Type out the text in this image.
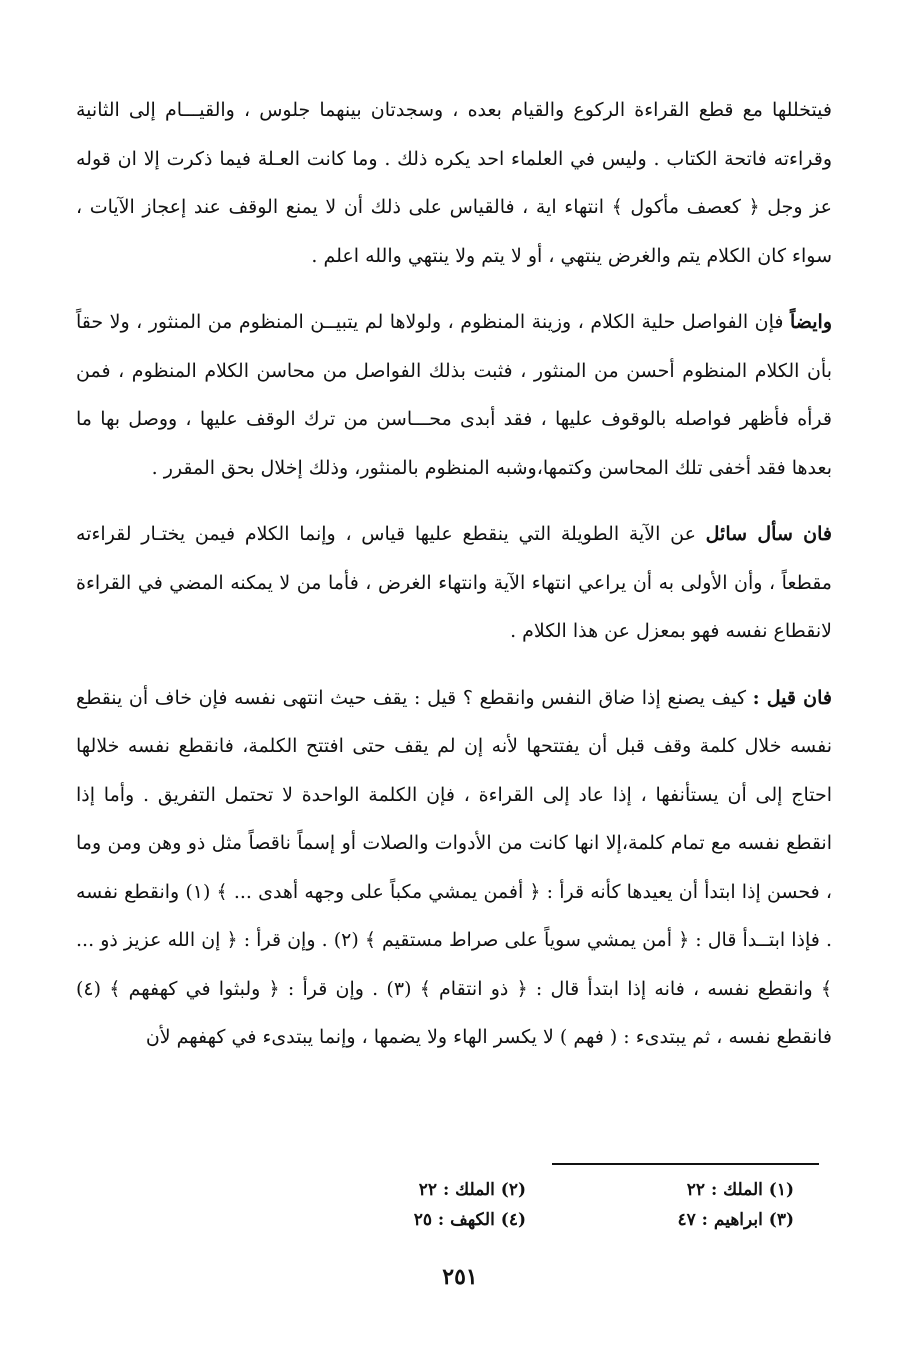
فيتخللها مع قطع القراءة الركوع والقيام بعده ، وسجدتان بينهما جلوس ، والقيـــام إلى الثانية وقراءته فاتحة الكتاب . وليس في العلماء احد يكره ذلك . وما كانت العـلة فيما ذكرت إلا ان قوله عز وجل ﴿ كعصف مأكول ﴾ انتهاء اية ، فالقياس على ذلك أن لا يمنع الوقف عند إعجاز الآيات ، سواء كان الكلام يتم والغرض ينتهي ، أو لا يتم ولا ينتهي والله اعلم .

وايضاً فإن الفواصل حلية الكلام ، وزينة المنظوم ، ولولاها لم يتبيــن المنظوم من المنثور ، ولا حقاً بأن الكلام المنظوم أحسن من المنثور ، فثبت بذلك الفواصل من محاسن الكلام المنظوم ، فمن قرأه فأظهر فواصله بالوقوف عليها ، فقد أبدى محـــاسن من ترك الوقف عليها ، ووصل بها ما بعدها فقد أخفى تلك المحاسن وكتمها،وشبه المنظوم بالمنثور، وذلك إخلال بحق المقرر .

فان سأل سائل عن الآية الطويلة التي ينقطع عليها قياس ، وإنما الكلام فيمن يختـار لقراءته مقطعاً ، وأن الأولى به أن يراعي انتهاء الآية وانتهاء الغرض ، فأما من لا يمكنه المضي في القراءة لانقطاع نفسه فهو بمعزل عن هذا الكلام .

فان قيل : كيف يصنع إذا ضاق النفس وانقطع ؟ قيل : يقف حيث انتهى نفسه فإن خاف أن ينقطع نفسه خلال كلمة وقف قبل أن يفتتحها لأنه إن لم يقف حتى افتتح الكلمة، فانقطع نفسه خلالها احتاج إلى أن يستأنفها ، إذا عاد إلى القراءة ، فإن الكلمة الواحدة لا تحتمل التفريق . وأما إذا انقطع نفسه مع تمام كلمة،إلا انها كانت من الأدوات والصلات أو إسماً ناقصاً مثل ذو وهن ومن وما ، فحسن إذا ابتدأ أن يعيدها كأنه قرأ : ﴿ أفمن يمشي مكباً على وجهه أهدى ... ﴾ (١) وانقطع نفسه . فإذا ابتــدأ قال : ﴿ أمن يمشي سوياً على صراط مستقيم ﴾ (٢) . وإن قرأ : ﴿ إن الله عزيز ذو ... ﴾ وانقطع نفسه ، فانه إذا ابتدأ قال : ﴿ ذو انتقام ﴾ (٣) . وإن قرأ : ﴿ ولبثوا في كهفهم ﴾ (٤) فانقطع نفسه ، ثم يبتدىء : ( فهم ) لا يكسر الهاء ولا يضمها ، وإنما يبتدىء في كهفهم لأن

(١) الملك : ٢٢
(٢) الملك : ٢٢
(٣) ابراهيم : ٤٧
(٤) الكهف : ٢٥
٢٥١
